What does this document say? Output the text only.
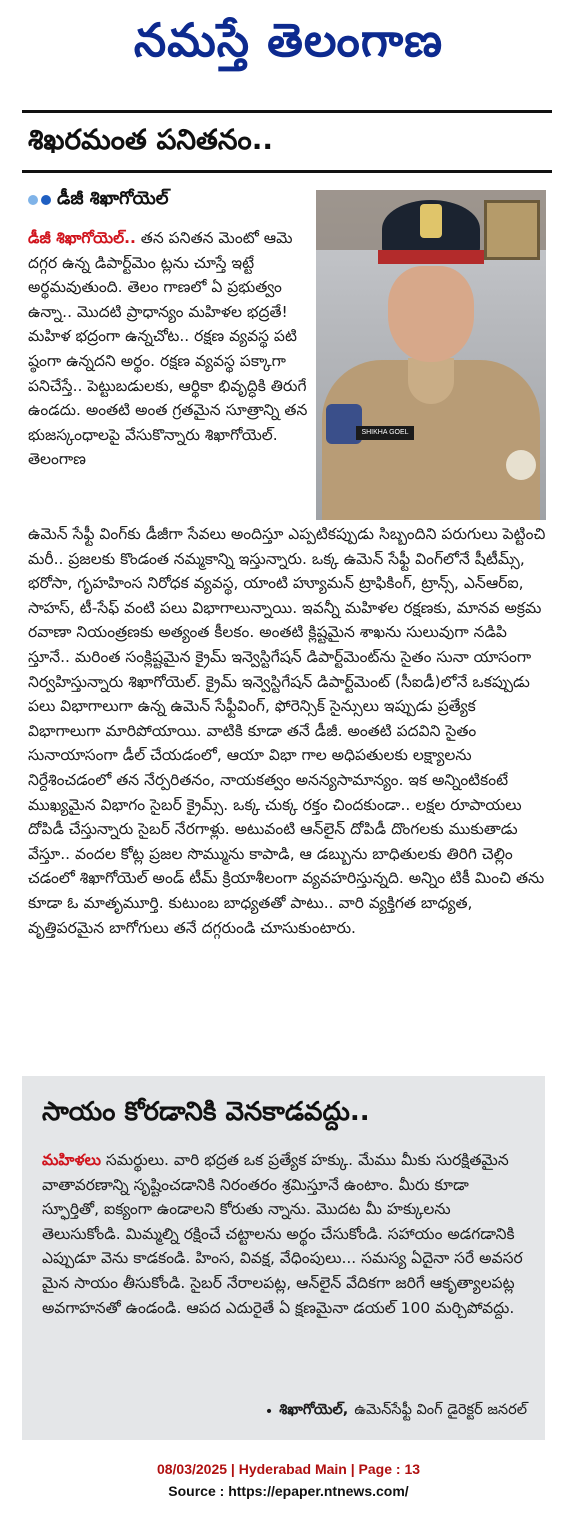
నమస్తే తెలంగాణ
శిఖరమంత పనితనం..
డీజీ శిఖాగోయెల్
SHIKHA GOEL
డీజీ శిఖాగోయెల్.. తన పనితన మెంటో ఆమె దగ్గర ఉన్న డిపార్ట్‌మెం ట్లను చూస్తే ఇట్టే అర్థమవుతుంది. తెలం గాణలో ఏ ప్రభుత్వం ఉన్నా.. మొదటి ప్రాధాన్యం మహిళల భద్రతే! మహిళ భద్రంగా ఉన్నచోట.. రక్షణ వ్యవస్థ పటి ష్ఠంగా ఉన్నదని అర్థం. రక్షణ వ్యవస్థ పక్కాగా పనిచేస్తే.. పెట్టుబడులకు, ఆర్థికా భివృద్ధికి తిరుగే ఉండదు. అంతటి అంత గ్రతమైన సూత్రాన్ని తన భుజస్కంధాలపై వేసుకొన్నారు శిఖాగోయెల్. తెలంగాణ
ఉమెన్ సేఫ్టీ వింగ్‌కు డీజీగా సేవలు అందిస్తూ ఎప్పటికప్పుడు సిబ్బందిని పరుగులు పెట్టించి మరీ.. ప్రజలకు కొండంత నమ్మకాన్ని ఇస్తున్నారు. ఒక్క ఉమెన్ సేఫ్టీ వింగ్‌లోనే షీటీమ్స్, భరోసా, గృహహింస నిరోధక వ్యవస్థ, యాంటి హ్యూమన్ ట్రాఫికింగ్, ట్రాన్స్, ఎన్ఆర్ఐ, సాహస్, టీ-సేఫ్ వంటి పలు విభాగాలున్నాయి. ఇవన్నీ మహిళల రక్షణకు, మానవ అక్రమ రవాణా నియంత్రణకు అత్యంత కీలకం. అంతటి క్లిష్టమైన శాఖను సులువుగా నడిపి స్తూనే.. మరింత సంక్లిష్టమైన క్రైమ్ ఇన్వెస్టిగేషన్ డిపార్ట్‌మెంట్‌ను సైతం సునా యాసంగా నిర్వహిస్తున్నారు శిఖాగోయెల్. క్రైమ్ ఇన్వెస్టిగేషన్ డిపార్ట్‌మెంట్ (సీఐడీ)లోనే ఒకప్పుడు పలు విభాగాలుగా ఉన్న ఉమెన్ సేఫ్టీవింగ్, ఫోరెన్సిక్ సైన్సులు ఇప్పుడు ప్రత్యేక విభాగాలుగా మారిపోయాయి. వాటికి కూడా తనే డీజీ. అంతటి పదవిని సైతం సునాయాసంగా డీల్ చేయడంలో, ఆయా విభా గాల అధిపతులకు లక్ష్యాలను నిర్దేశించడంలో తన నేర్పరితనం, నాయకత్వం అనన్యసామాన్యం. ఇక అన్నింటికంటే ముఖ్యమైన విభాగం సైబర్ క్రైమ్స్. ఒక్క చుక్క రక్తం చిందకుండా.. లక్షల రూపాయలు దోపిడీ చేస్తున్నారు సైబర్ నేరగాళ్లు. అటువంటి ఆన్‌లైన్ దోపిడీ దొంగలకు ముకుతాడు వేస్తూ.. వందల కోట్ల ప్రజల సొమ్మును కాపాడి, ఆ డబ్బును బాధితులకు తిరిగి చెల్లిం చడంలో శిఖాగోయెల్ అండ్ టీమ్ క్రియాశీలంగా వ్యవహరిస్తున్నది. అన్నిం టికీ మించి తను కూడా ఓ మాతృమూర్తి. కుటుంబ బాధ్యతతో పాటు.. వారి వ్యక్తిగత బాధ్యత, వృత్తిపరమైన బాగోగులు తనే దగ్గరుండి చూసుకుంటారు.
సాయం కోరడానికి వెనకాడవద్దు..
మహిళలు సమర్థులు. వారి భద్రత ఒక ప్రత్యేక హక్కు. మేము మీకు సురక్షితమైన వాతావరణాన్ని సృష్టించడానికి నిరంతరం శ్రమిస్తూనే ఉంటాం. మీరు కూడా స్ఫూర్తితో, ఐక్యంగా ఉండాలని కోరుతు న్నాను. మొదట మీ హక్కులను తెలుసుకోండి. మిమ్మల్ని రక్షించే చట్టాలను అర్థం చేసుకోండి. సహాయం అడగడానికి ఎప్పుడూ వెను కాడకండి. హింస, వివక్ష, వేధింపులు... సమస్య ఏదైనా సరే అవసర మైన సాయం తీసుకోండి. సైబర్ నేరాలపట్ల, ఆన్‌లైన్ వేదికగా జరిగే ఆకృత్యాలపట్ల అవగాహనతో ఉండండి. ఆపద ఎదురైతే ఏ క్షణమైనా డయల్ 100 మర్చిపోవద్దు.
• శిఖాగోయెల్, ఉమెన్‌సేఫ్టీ వింగ్ డైరెక్టర్ జనరల్
08/03/2025 | Hyderabad Main | Page : 13
Source : https://epaper.ntnews.com/
